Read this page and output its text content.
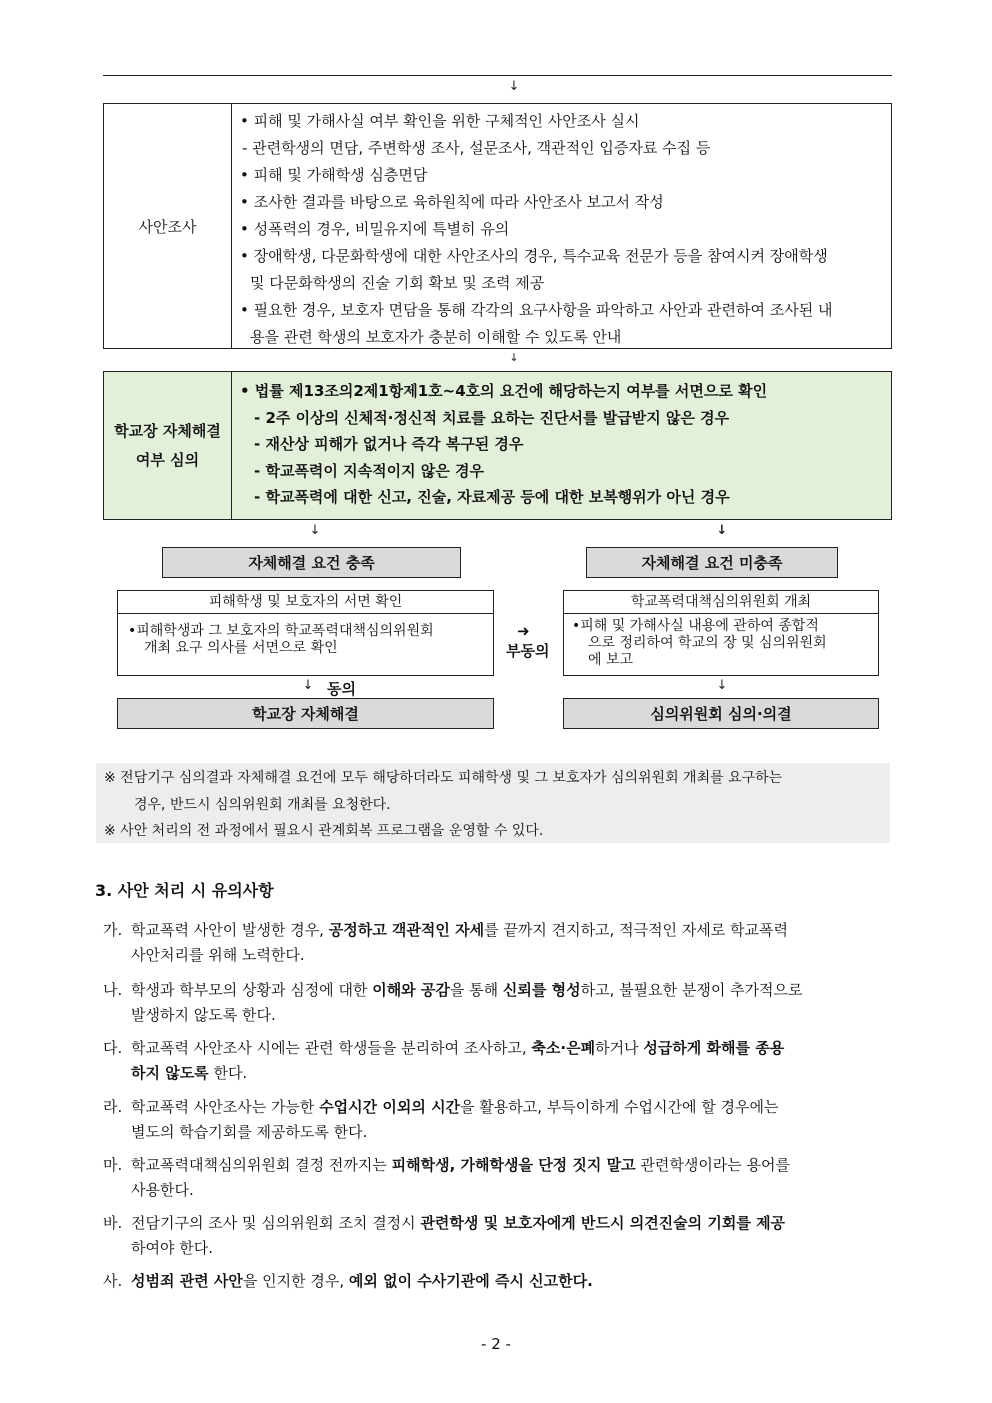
↓
사안조사
• 피해 및 가해사실 여부 확인을 위한 구체적인 사안조사 실시
- 관련학생의 면담, 주변학생 조사, 설문조사, 객관적인 입증자료 수집 등
• 피해 및 가해학생 심층면담
• 조사한 결과를 바탕으로 육하원칙에 따라 사안조사 보고서 작성
• 성폭력의 경우, 비밀유지에 특별히 유의
• 장애학생, 다문화학생에 대한 사안조사의 경우, 특수교육 전문가 등을 참여시켜 장애학생
및 다문화학생의 진술 기회 확보 및 조력 제공
• 필요한 경우, 보호자 면담을 통해 각각의 요구사항을 파악하고 사안과 관련하여 조사된 내
용을 관련 학생의 보호자가 충분히 이해할 수 있도록 안내
↓
학교장 자체해결
여부 심의
• 법률 제13조의2제1항제1호~4호의 요건에 해당하는지 여부를 서면으로 확인
- 2주 이상의 신체적·정신적 치료를 요하는 진단서를 발급받지 않은 경우
- 재산상 피해가 없거나 즉각 복구된 경우
- 학교폭력이 지속적이지 않은 경우
- 학교폭력에 대한 신고, 진술, 자료제공 등에 대한 보복행위가 아닌 경우
↓	↓
자체해결 요건 충족
피해학생 및 보호자의 서면 확인
•피해학생과 그 보호자의 학교폭력대책심의위원회
개최 요구 의사를 서면으로 확인
↓ 동의
학교장 자체해결
➜
부동의
자체해결 요건 미충족
학교폭력대책심의위원회 개최
•피해 및 가해사실 내용에 관하여 종합적
으로 정리하여 학교의 장 및 심의위원회
에 보고
↓
심의위원회 심의·의결
※ 전담기구 심의결과 자체해결 요건에 모두 해당하더라도 피해학생 및 그 보호자가 심의위원회 개최를 요구하는
경우, 반드시 심의위원회 개최를 요청한다.
※ 사안 처리의 전 과정에서 필요시 관계회복 프로그램을 운영할 수 있다.
3. 사안 처리 시 유의사항
가. 학교폭력 사안이 발생한 경우, 공정하고 객관적인 자세를 끝까지 견지하고, 적극적인 자세로 학교폭력
사안처리를 위해 노력한다.
나. 학생과 학부모의 상황과 심정에 대한 이해와 공감을 통해 신뢰를 형성하고, 불필요한 분쟁이 추가적으로
발생하지 않도록 한다.
다. 학교폭력 사안조사 시에는 관련 학생들을 분리하여 조사하고, 축소·은폐하거나 성급하게 화해를 종용
하지 않도록 한다.
라. 학교폭력 사안조사는 가능한 수업시간 이외의 시간을 활용하고, 부득이하게 수업시간에 할 경우에는
별도의 학습기회를 제공하도록 한다.
마. 학교폭력대책심의위원회 결정 전까지는 피해학생, 가해학생을 단정 짓지 말고 관련학생이라는 용어를
사용한다.
바. 전담기구의 조사 및 심의위원회 조치 결정시 관련학생 및 보호자에게 반드시 의견진술의 기회를 제공
하여야 한다.
사. 성범죄 관련 사안을 인지한 경우, 예외 없이 수사기관에 즉시 신고한다.
- 2 -
